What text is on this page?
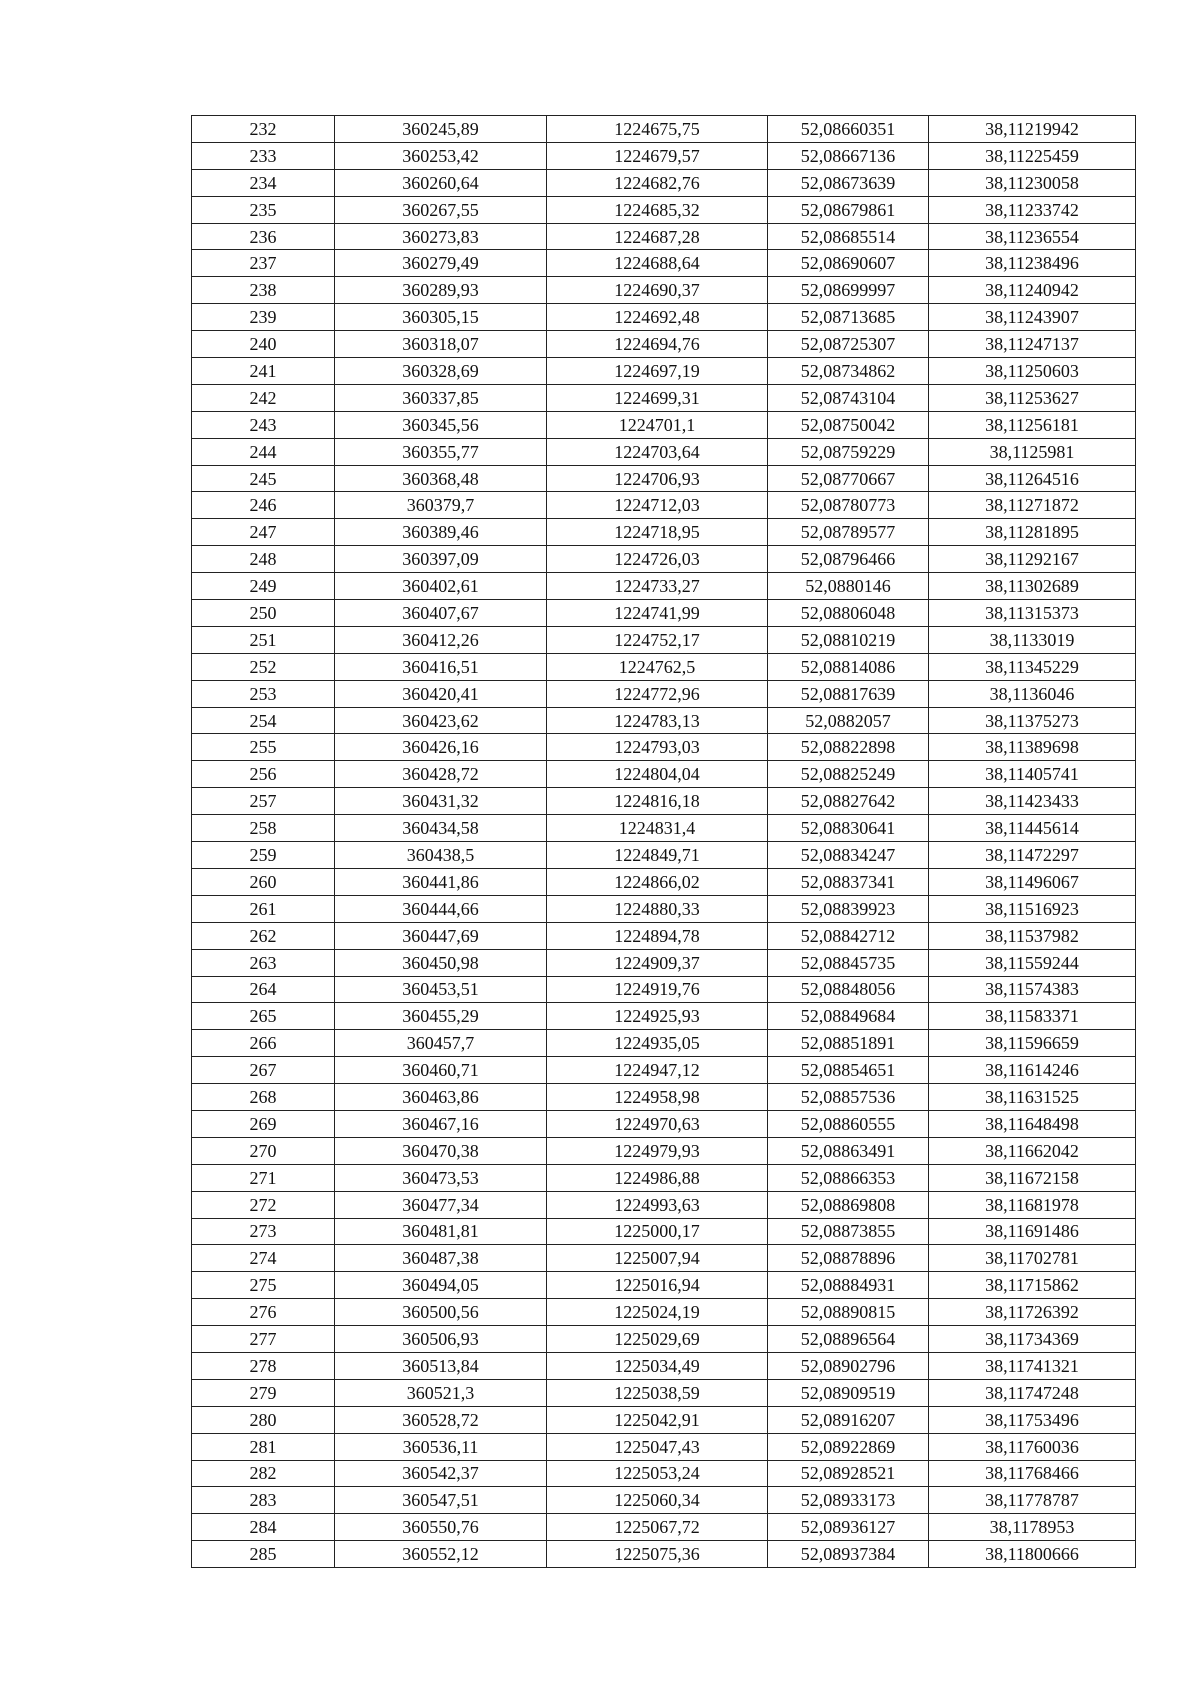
232	360245,89	1224675,75	52,08660351	38,11219942
233	360253,42	1224679,57	52,08667136	38,11225459
234	360260,64	1224682,76	52,08673639	38,11230058
235	360267,55	1224685,32	52,08679861	38,11233742
236	360273,83	1224687,28	52,08685514	38,11236554
237	360279,49	1224688,64	52,08690607	38,11238496
238	360289,93	1224690,37	52,08699997	38,11240942
239	360305,15	1224692,48	52,08713685	38,11243907
240	360318,07	1224694,76	52,08725307	38,11247137
241	360328,69	1224697,19	52,08734862	38,11250603
242	360337,85	1224699,31	52,08743104	38,11253627
243	360345,56	1224701,1	52,08750042	38,11256181
244	360355,77	1224703,64	52,08759229	38,1125981
245	360368,48	1224706,93	52,08770667	38,11264516
246	360379,7	1224712,03	52,08780773	38,11271872
247	360389,46	1224718,95	52,08789577	38,11281895
248	360397,09	1224726,03	52,08796466	38,11292167
249	360402,61	1224733,27	52,0880146	38,11302689
250	360407,67	1224741,99	52,08806048	38,11315373
251	360412,26	1224752,17	52,08810219	38,1133019
252	360416,51	1224762,5	52,08814086	38,11345229
253	360420,41	1224772,96	52,08817639	38,1136046
254	360423,62	1224783,13	52,0882057	38,11375273
255	360426,16	1224793,03	52,08822898	38,11389698
256	360428,72	1224804,04	52,08825249	38,11405741
257	360431,32	1224816,18	52,08827642	38,11423433
258	360434,58	1224831,4	52,08830641	38,11445614
259	360438,5	1224849,71	52,08834247	38,11472297
260	360441,86	1224866,02	52,08837341	38,11496067
261	360444,66	1224880,33	52,08839923	38,11516923
262	360447,69	1224894,78	52,08842712	38,11537982
263	360450,98	1224909,37	52,08845735	38,11559244
264	360453,51	1224919,76	52,08848056	38,11574383
265	360455,29	1224925,93	52,08849684	38,11583371
266	360457,7	1224935,05	52,08851891	38,11596659
267	360460,71	1224947,12	52,08854651	38,11614246
268	360463,86	1224958,98	52,08857536	38,11631525
269	360467,16	1224970,63	52,08860555	38,11648498
270	360470,38	1224979,93	52,08863491	38,11662042
271	360473,53	1224986,88	52,08866353	38,11672158
272	360477,34	1224993,63	52,08869808	38,11681978
273	360481,81	1225000,17	52,08873855	38,11691486
274	360487,38	1225007,94	52,08878896	38,11702781
275	360494,05	1225016,94	52,08884931	38,11715862
276	360500,56	1225024,19	52,08890815	38,11726392
277	360506,93	1225029,69	52,08896564	38,11734369
278	360513,84	1225034,49	52,08902796	38,11741321
279	360521,3	1225038,59	52,08909519	38,11747248
280	360528,72	1225042,91	52,08916207	38,11753496
281	360536,11	1225047,43	52,08922869	38,11760036
282	360542,37	1225053,24	52,08928521	38,11768466
283	360547,51	1225060,34	52,08933173	38,11778787
284	360550,76	1225067,72	52,08936127	38,1178953
285	360552,12	1225075,36	52,08937384	38,11800666
